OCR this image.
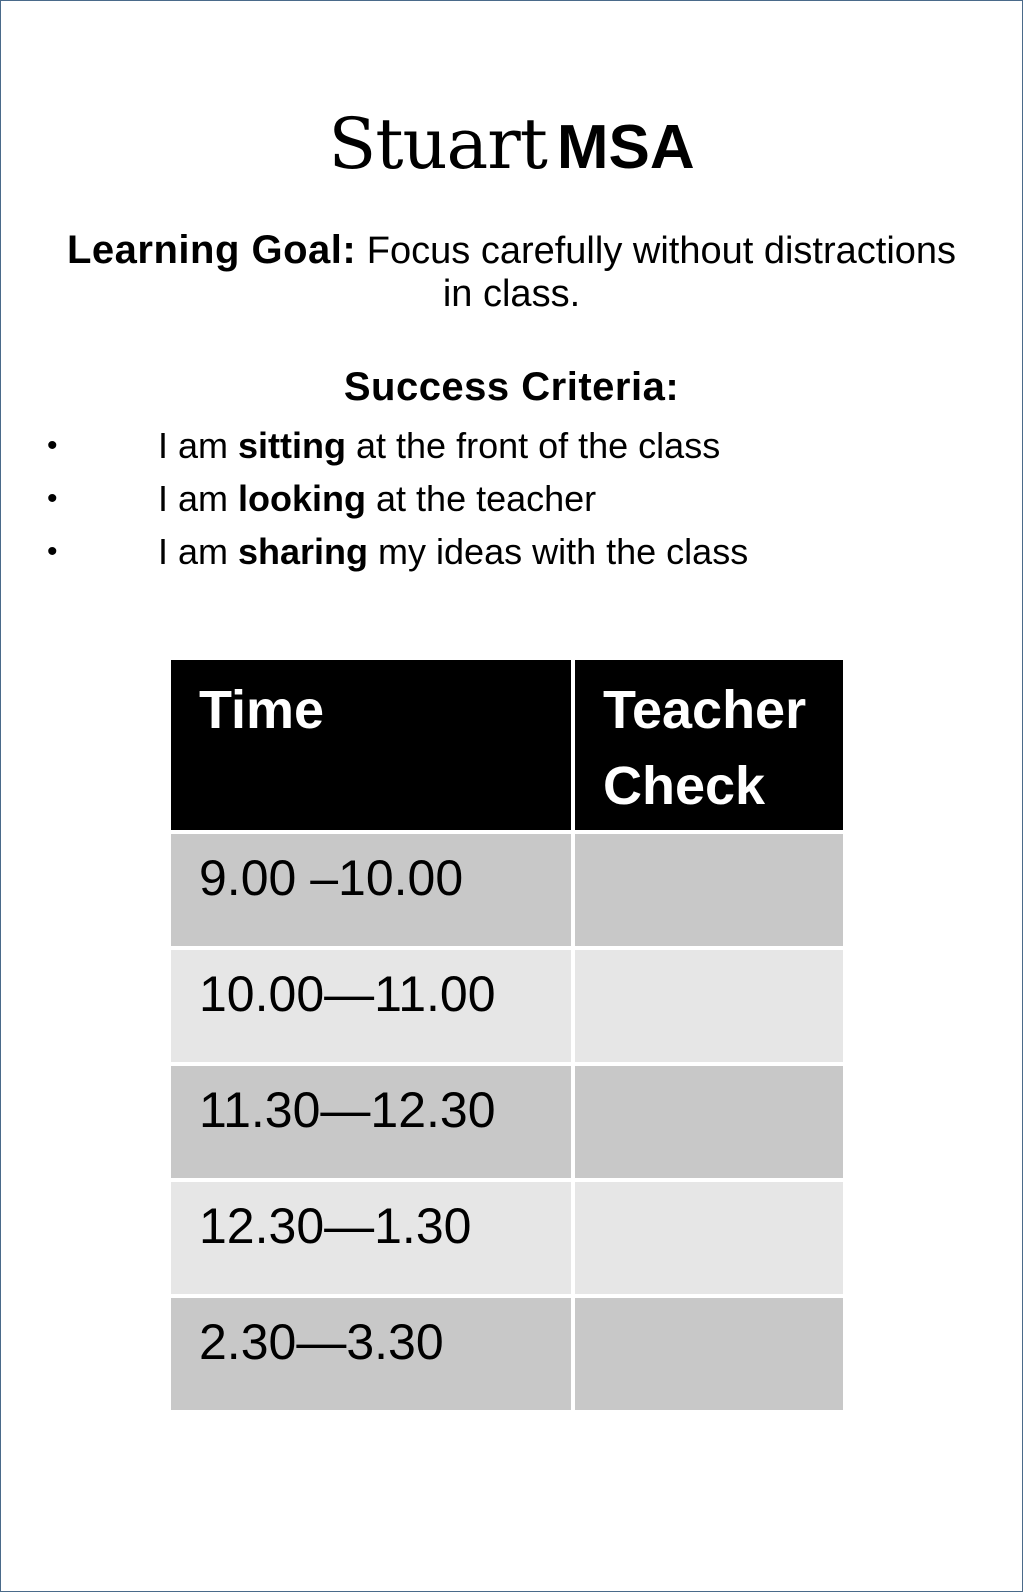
Stuart MSA
Learning Goal: Focus carefully without distractions in class.
Success Criteria:
•	I am sitting at the front of the class
•	I am looking at the teacher
•	I am sharing my ideas with the class
Time	Teacher Check

9.00 –10.00	

10.00—11.00	

11.30—12.30	

12.30—1.30	

2.30—3.30	
